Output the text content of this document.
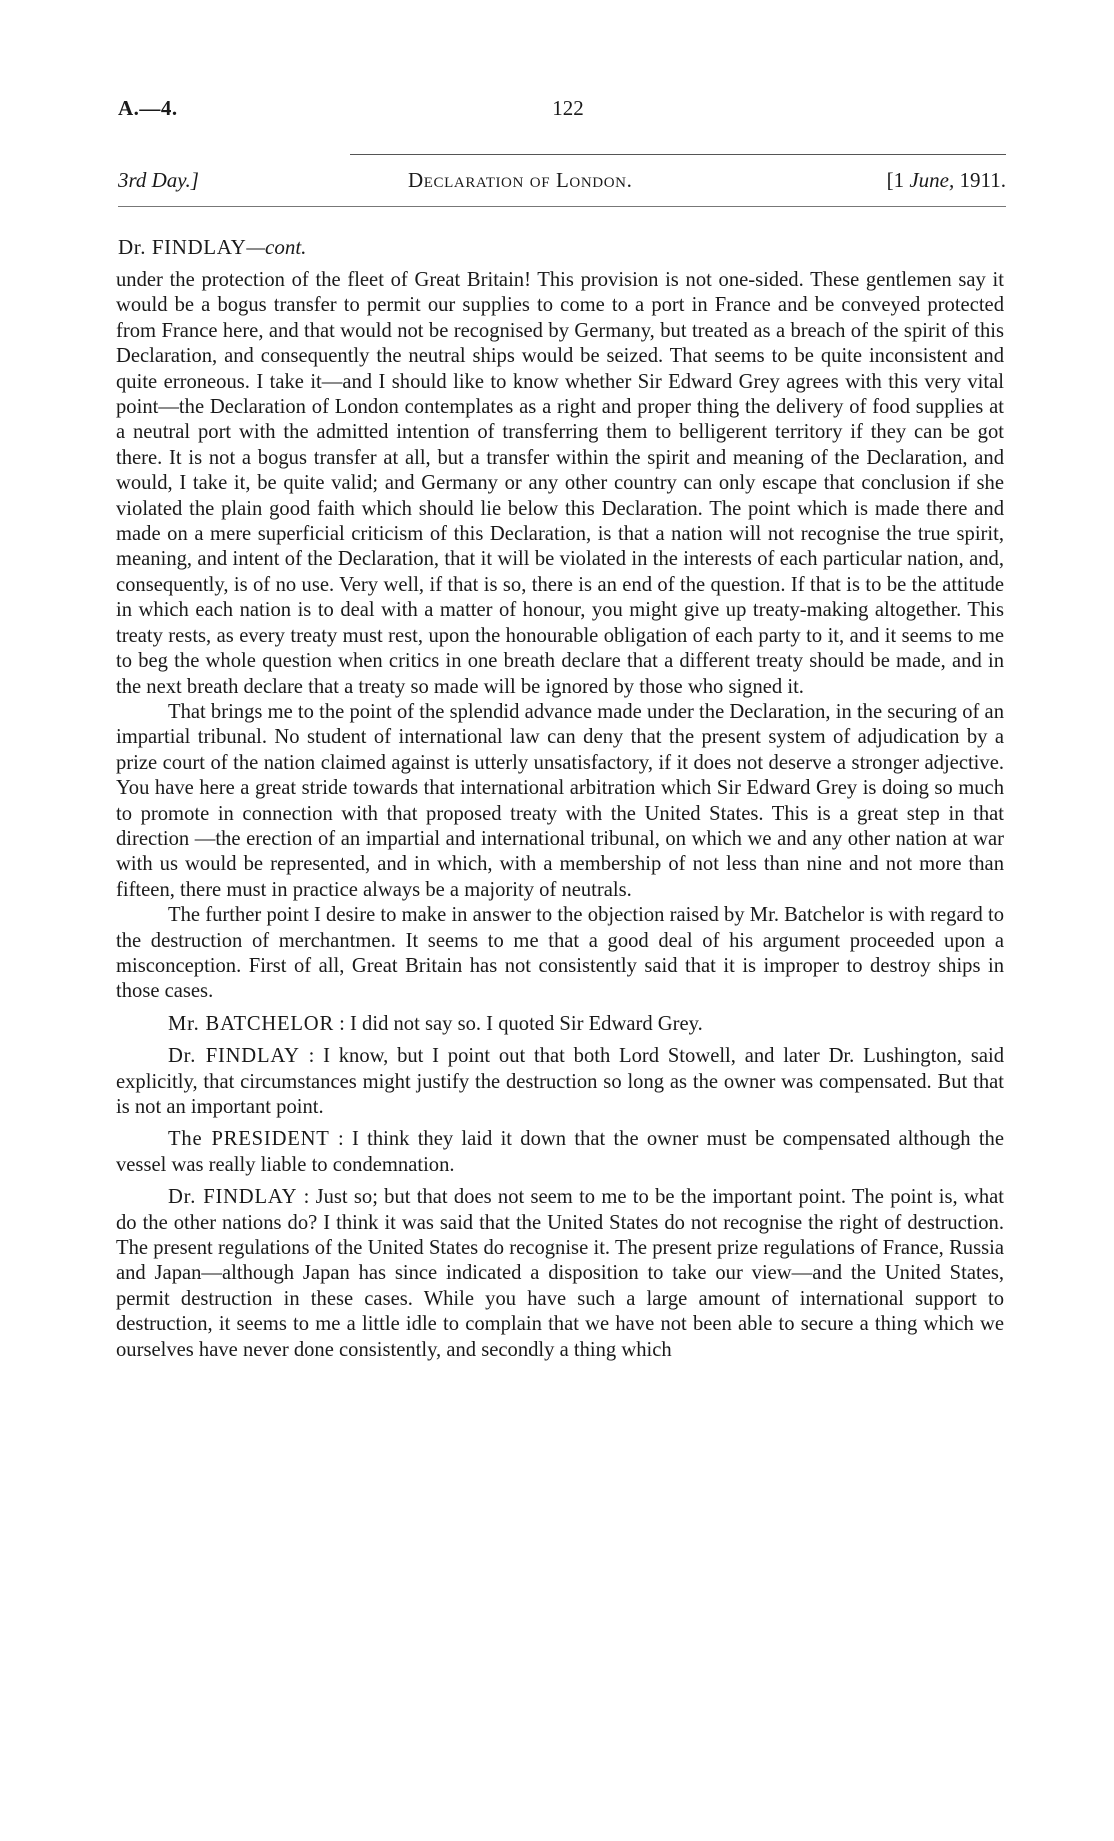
A.—4.	122
3rd Day.]	Declaration of London.	[1 June, 1911.
Dr. FINDLAY—cont.

under the protection of the fleet of Great Britain! This provision is not one-sided. These gentlemen say it would be a bogus transfer to permit our supplies to come to a port in France and be conveyed protected from France here, and that would not be recognised by Germany, but treated as a breach of the spirit of this Declaration, and consequently the neutral ships would be seized. That seems to be quite inconsistent and quite erroneous. I take it—and I should like to know whether Sir Edward Grey agrees with this very vital point—the Declaration of London contemplates as a right and proper thing the delivery of food supplies at a neutral port with the admitted intention of transferring them to belligerent territory if they can be got there. It is not a bogus transfer at all, but a transfer within the spirit and meaning of the Declaration, and would, I take it, be quite valid; and Germany or any other country can only escape that conclusion if she violated the plain good faith which should lie below this Declaration. The point which is made there and made on a mere superficial criticism of this Declaration, is that a nation will not recognise the true spirit, meaning, and intent of the Declaration, that it will be violated in the interests of each particular nation, and, consequently, is of no use. Very well, if that is so, there is an end of the question. If that is to be the attitude in which each nation is to deal with a matter of honour, you might give up treaty-making altogether. This treaty rests, as every treaty must rest, upon the honourable obligation of each party to it, and it seems to me to beg the whole question when critics in one breath declare that a different treaty should be made, and in the next breath declare that a treaty so made will be ignored by those who signed it.

That brings me to the point of the splendid advance made under the Declaration, in the securing of an impartial tribunal. No student of international law can deny that the present system of adjudication by a prize court of the nation claimed against is utterly unsatisfactory, if it does not deserve a stronger adjective. You have here a great stride towards that international arbitration which Sir Edward Grey is doing so much to promote in connection with that proposed treaty with the United States. This is a great step in that direction —the erection of an impartial and international tribunal, on which we and any other nation at war with us would be represented, and in which, with a membership of not less than nine and not more than fifteen, there must in practice always be a majority of neutrals.

The further point I desire to make in answer to the objection raised by Mr. Batchelor is with regard to the destruction of merchantmen. It seems to me that a good deal of his argument proceeded upon a misconception. First of all, Great Britain has not consistently said that it is improper to destroy ships in those cases.

Mr. BATCHELOR : I did not say so. I quoted Sir Edward Grey.

Dr. FINDLAY : I know, but I point out that both Lord Stowell, and later Dr. Lushington, said explicitly, that circumstances might justify the destruction so long as the owner was compensated. But that is not an important point.

The PRESIDENT : I think they laid it down that the owner must be compensated although the vessel was really liable to condemnation.

Dr. FINDLAY : Just so; but that does not seem to me to be the important point. The point is, what do the other nations do? I think it was said that the United States do not recognise the right of destruction. The present regulations of the United States do recognise it. The present prize regulations of France, Russia and Japan—although Japan has since indicated a disposition to take our view—and the United States, permit destruction in these cases. While you have such a large amount of international support to destruction, it seems to me a little idle to complain that we have not been able to secure a thing which we ourselves have never done consistently, and secondly a thing which
